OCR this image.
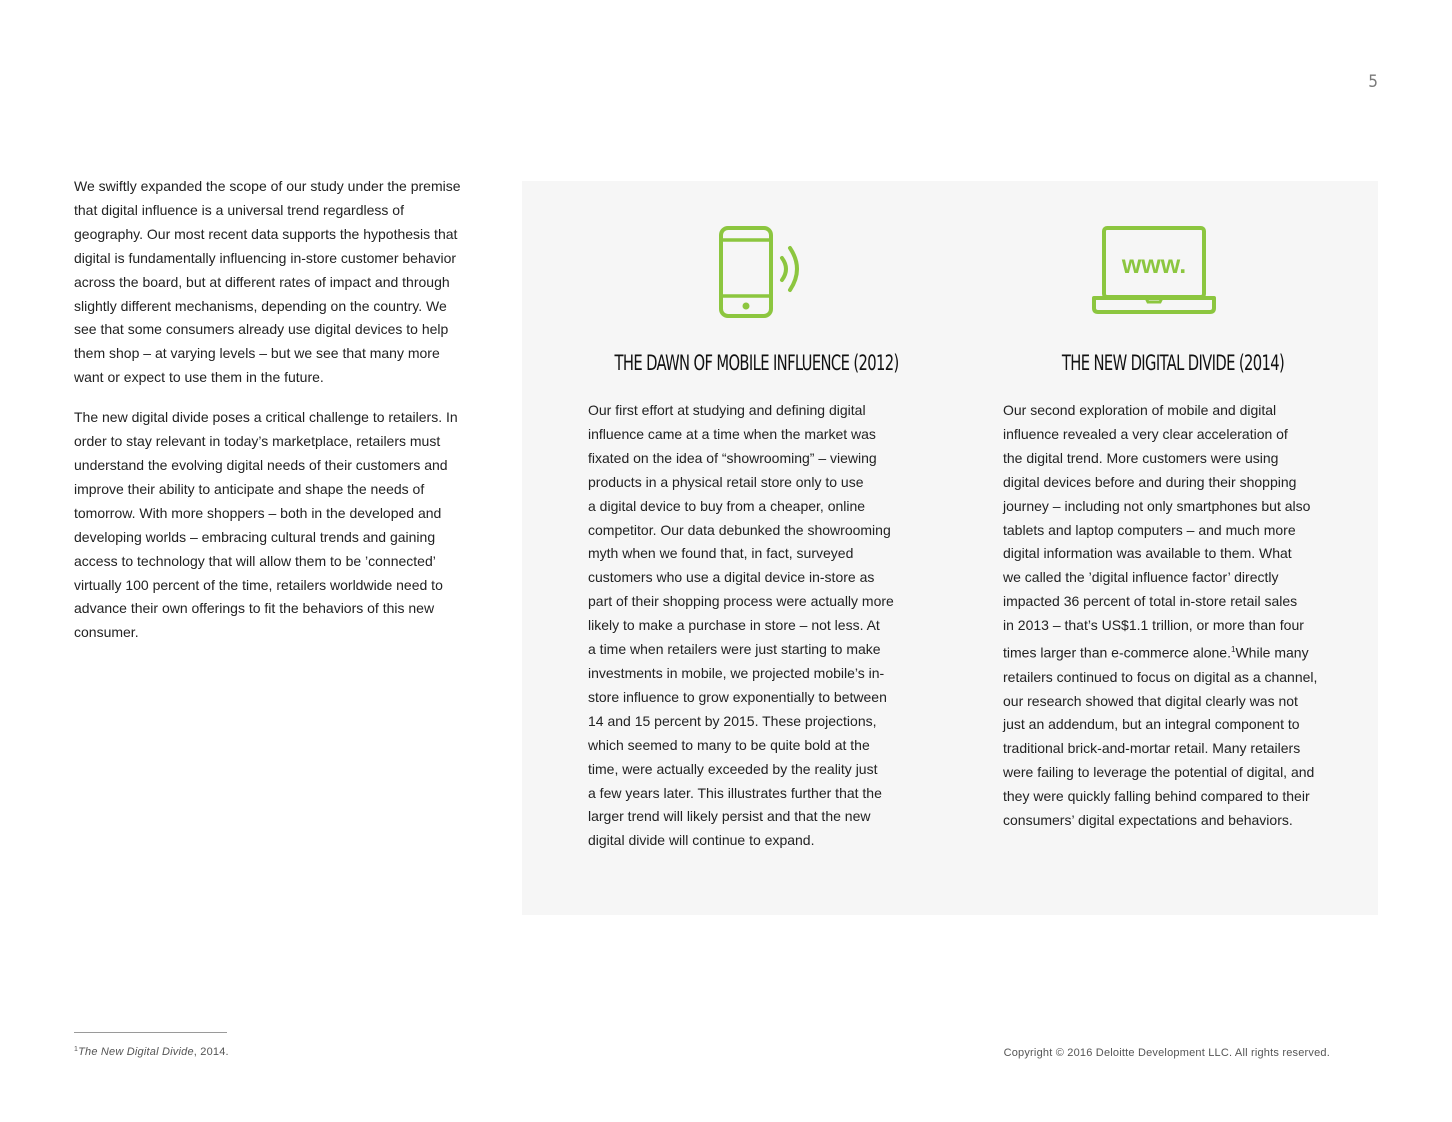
5

We swiftly expanded the scope of our study under the premise that digital influence is a universal trend regardless of geography. Our most recent data supports the hypothesis that digital is fundamentally influencing in-store customer behavior across the board, but at different rates of impact and through slightly different mechanisms, depending on the country. We see that some consumers already use digital devices to help them shop – at varying levels – but we see that many more want or expect to use them in the future.

The new digital divide poses a critical challenge to retailers. In order to stay relevant in today’s marketplace, retailers must understand the evolving digital needs of their customers and improve their ability to anticipate and shape the needs of tomorrow. With more shoppers – both in the developed and developing worlds – embracing cultural trends and gaining access to technology that will allow them to be ’connected’ virtually 100 percent of the time, retailers worldwide need to advance their own offerings to fit the behaviors of this new consumer.

THE DAWN OF MOBILE INFLUENCE (2012)
Our first effort at studying and defining digital
influence came at a time when the market was
fixated on the idea of “showrooming” – viewing
products in a physical retail store only to use
a digital device to buy from a cheaper, online
competitor. Our data debunked the showrooming
myth when we found that, in fact, surveyed
customers who use a digital device in-store as
part of their shopping process were actually more
likely to make a purchase in store – not less. At
a time when retailers were just starting to make
investments in mobile, we projected mobile’s in-
store influence to grow exponentially to between
14 and 15 percent by 2015. These projections,
which seemed to many to be quite bold at the
time, were actually exceeded by the reality just
a few years later. This illustrates further that the
larger trend will likely persist and that the new
digital divide will continue to expand.
www.
THE NEW DIGITAL DIVIDE (2014)
Our second exploration of mobile and digital
influence revealed a very clear acceleration of
the digital trend. More customers were using
digital devices before and during their shopping
journey – including not only smartphones but also
tablets and laptop computers – and much more
digital information was available to them. What
we called the ’digital influence factor’ directly
impacted 36 percent of total in-store retail sales
in 2013 – that’s US$1.1 trillion, or more than four
times larger than e-commerce alone.$^1$While many
retailers continued to focus on digital as a channel,
our research showed that digital clearly was not
just an addendum, but an integral component to
traditional brick-and-mortar retail. Many retailers
were failing to leverage the potential of digital, and
they were quickly falling behind compared to their
consumers’ digital expectations and behaviors.
$^1$The New Digital Divide, 2014.	Copyright © 2016 Deloitte Development LLC. All rights reserved.
